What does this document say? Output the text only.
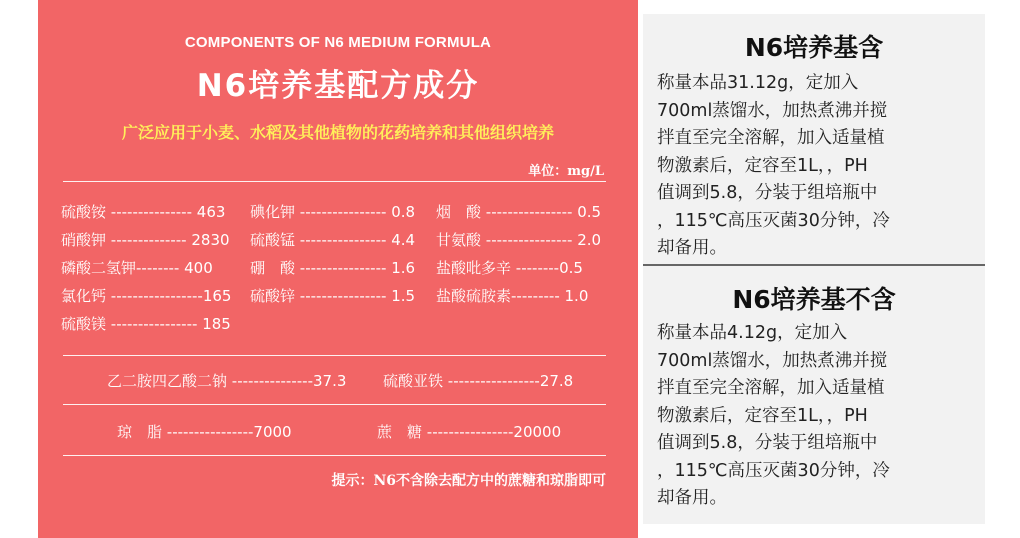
COMPONENTS OF N6 MEDIUM FORMULA
N6培养基配方成分
广泛应用于小麦、水稻及其他植物的花药培养和其他组织培养
单位：mg/L
硫酸铵 --------------- 463
硝酸钾 -------------- 2830
磷酸二氢钾-------- 400
氯化钙 -----------------165
硫酸镁 ---------------- 185
碘化钾 ---------------- 0.8
硫酸锰 ---------------- 4.4
硼　酸 ---------------- 1.6
硫酸锌 ---------------- 1.5
烟　酸 ---------------- 0.5
甘氨酸 ---------------- 2.0
盐酸吡多辛 --------0.5
盐酸硫胺素--------- 1.0
乙二胺四乙酸二钠 ---------------37.3 硫酸亚铁 -----------------27.8
琼　脂 ----------------7000	蔗　糖 ----------------20000
提示：N6不含除去配方中的蔗糖和琼脂即可
N6培养基含
称量本品31.12g，定加入
700ml蒸馏水，加热煮沸并搅
拌直至完全溶解，加入适量植
物激素后，定容至1L，，PH
值调到5.8，分装于组培瓶中
，115℃高压灭菌30分钟，冷
却备用。
N6培养基不含
称量本品4.12g，定加入
700ml蒸馏水，加热煮沸并搅
拌直至完全溶解，加入适量植
物激素后，定容至1L，，PH
值调到5.8，分装于组培瓶中
，115℃高压灭菌30分钟，冷
却备用。
